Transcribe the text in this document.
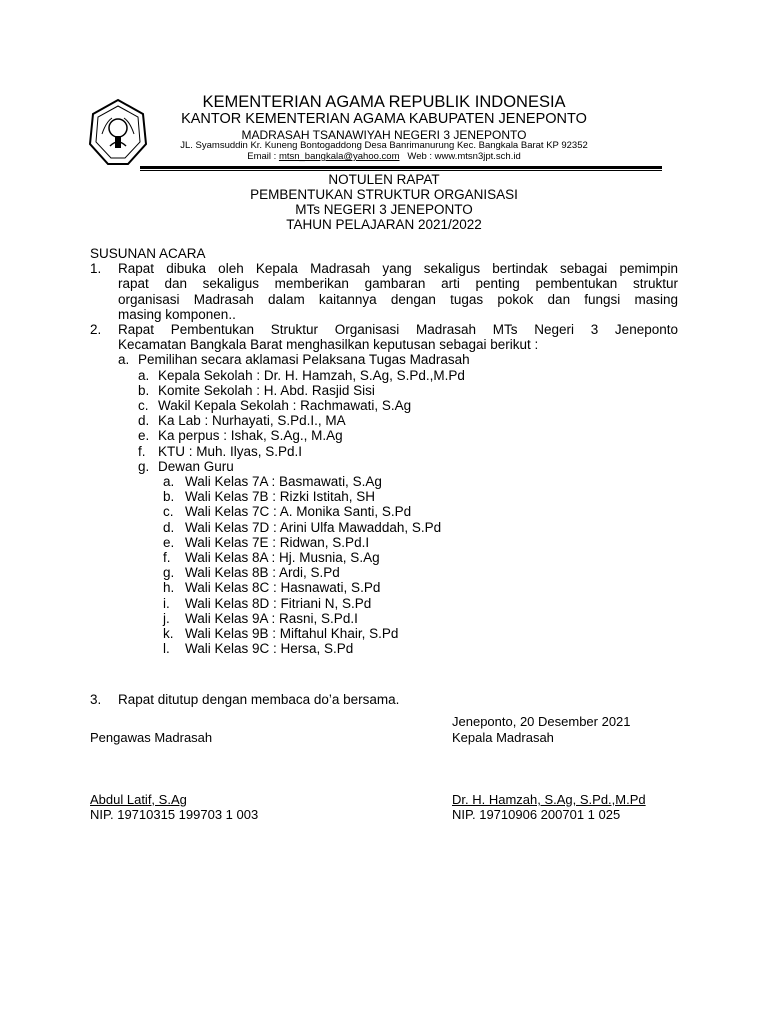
KEMENTERIAN AGAMA REPUBLIK INDONESIA
KANTOR KEMENTERIAN AGAMA KABUPATEN JENEPONTO
MADRASAH TSANAWIYAH NEGERI 3 JENEPONTO
JL. Syamsuddin Kr. Kuneng Bontogaddong Desa Banrimanurung Kec. Bangkala Barat KP 92352
Email : mtsn_bangkala@yahoo.com Web : www.mtsn3jpt.sch.id
NOTULEN RAPAT
PEMBENTUKAN STRUKTUR ORGANISASI
MTs NEGERI 3 JENEPONTO
TAHUN PELAJARAN 2021/2022
SUSUNAN ACARA
1. Rapat dibuka oleh Kepala Madrasah yang sekaligus bertindak sebagai pemimpin
rapat dan sekaligus memberikan gambaran arti penting pembentukan struktur
organisasi Madrasah dalam kaitannya dengan tugas pokok dan fungsi masing
masing komponen..
2. Rapat Pembentukan Struktur Organisasi Madrasah MTs Negeri 3 Jeneponto
Kecamatan Bangkala Barat menghasilkan keputusan sebagai berikut :
a. Pemilihan secara aklamasi Pelaksana Tugas Madrasah
a. Kepala Sekolah : Dr. H. Hamzah, S.Ag, S.Pd.,M.Pd
b. Komite Sekolah : H. Abd. Rasjid Sisi
c. Wakil Kepala Sekolah : Rachmawati, S.Ag
d. Ka Lab : Nurhayati, S.Pd.I., MA
e. Ka perpus : Ishak, S.Ag., M.Ag
f. KTU : Muh. Ilyas, S.Pd.I
g. Dewan Guru
a. Wali Kelas 7A : Basmawati, S.Ag
b. Wali Kelas 7B : Rizki Istitah, SH
c. Wali Kelas 7C : A. Monika Santi, S.Pd
d. Wali Kelas 7D : Arini Ulfa Mawaddah, S.Pd
e. Wali Kelas 7E : Ridwan, S.Pd.I
f. Wali Kelas 8A : Hj. Musnia, S.Ag
g. Wali Kelas 8B : Ardi, S.Pd
h. Wali Kelas 8C : Hasnawati, S.Pd
i. Wali Kelas 8D : Fitriani N, S.Pd
j. Wali Kelas 9A : Rasni, S.Pd.I
k. Wali Kelas 9B : Miftahul Khair, S.Pd
l. Wali Kelas 9C : Hersa, S.Pd
3. Rapat ditutup dengan membaca do’a bersama.
Jeneponto, 20 Desember 2021
Pengawas Madrasah	Kepala Madrasah
Abdul Latif, S.Ag	Dr. H. Hamzah, S.Ag, S.Pd.,M.Pd
NIP. 19710315 199703 1 003	NIP. 19710906 200701 1 025
